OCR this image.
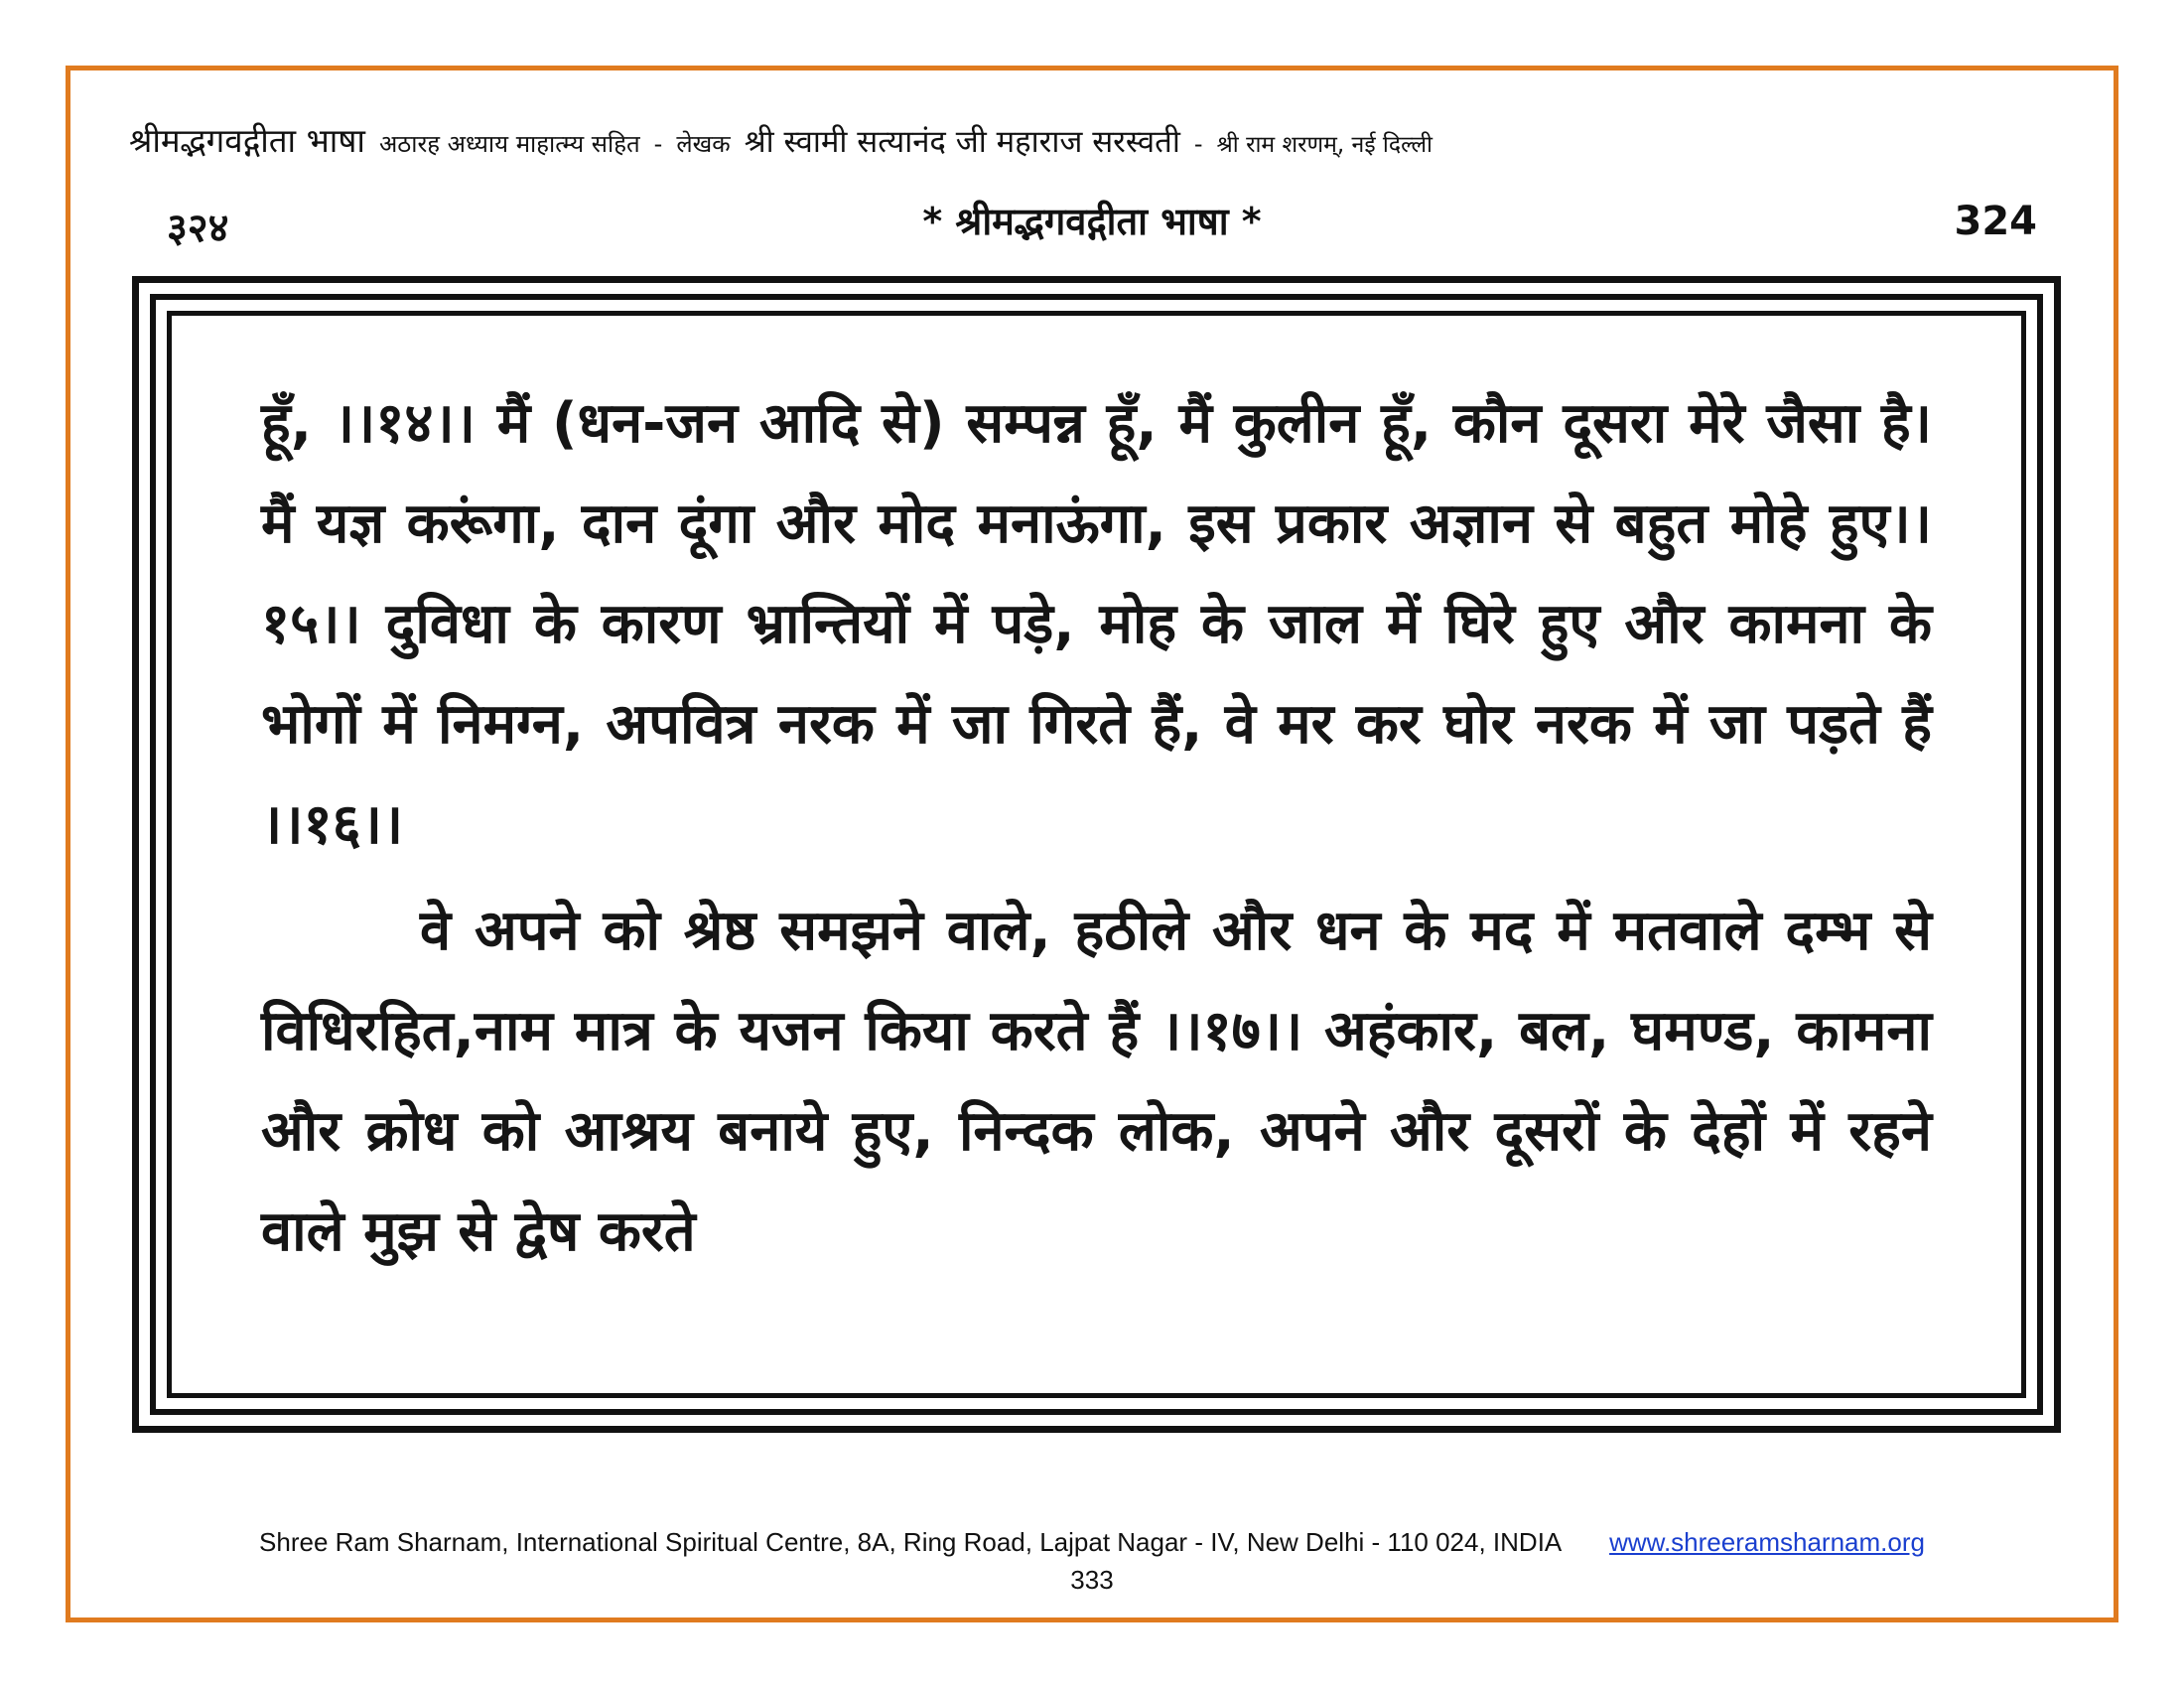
श्रीमद्भगवद्गीता भाषा अठारह अध्याय माहात्म्य सहित - लेखक श्री स्वामी सत्यानंद जी महाराज सरस्वती - श्री राम शरणम्, नई दिल्ली
३२४	* श्रीमद्भगवद्गीता भाषा *	324

हूँ, ।।१४।। मैं (धन-जन आदि से) सम्पन्न हूँ, मैं कुलीन हूँ, कौन दूसरा मेरे जैसा है। मैं यज्ञ करूंगा, दान दूंगा और मोद मनाऊंगा, इस प्रकार अज्ञान से बहुत मोहे हुए।।१५।। दुविधा के कारण भ्रान्तियों में पड़े, मोह के जाल में घिरे हुए और कामना के भोगों में निमग्न, अपवित्र नरक में जा गिरते हैं, वे मर कर घोर नरक में जा पड़ते हैं ।।१६।।

वे अपने को श्रेष्ठ समझने वाले, हठीले और धन के मद में मतवाले दम्भ से विधिरहित,नाम मात्र के यजन किया करते हैं ।।१७।। अहंकार, बल, घमण्ड, कामना और क्रोध को आश्रय बनाये हुए, निन्दक लोक, अपने और दूसरों के देहों में रहने वाले मुझ से द्वेष करते

Shree Ram Sharnam, International Spiritual Centre, 8A, Ring Road, Lajpat Nagar - IV, New Delhi - 110 024, INDIA www.shreeramsharnam.org
333
